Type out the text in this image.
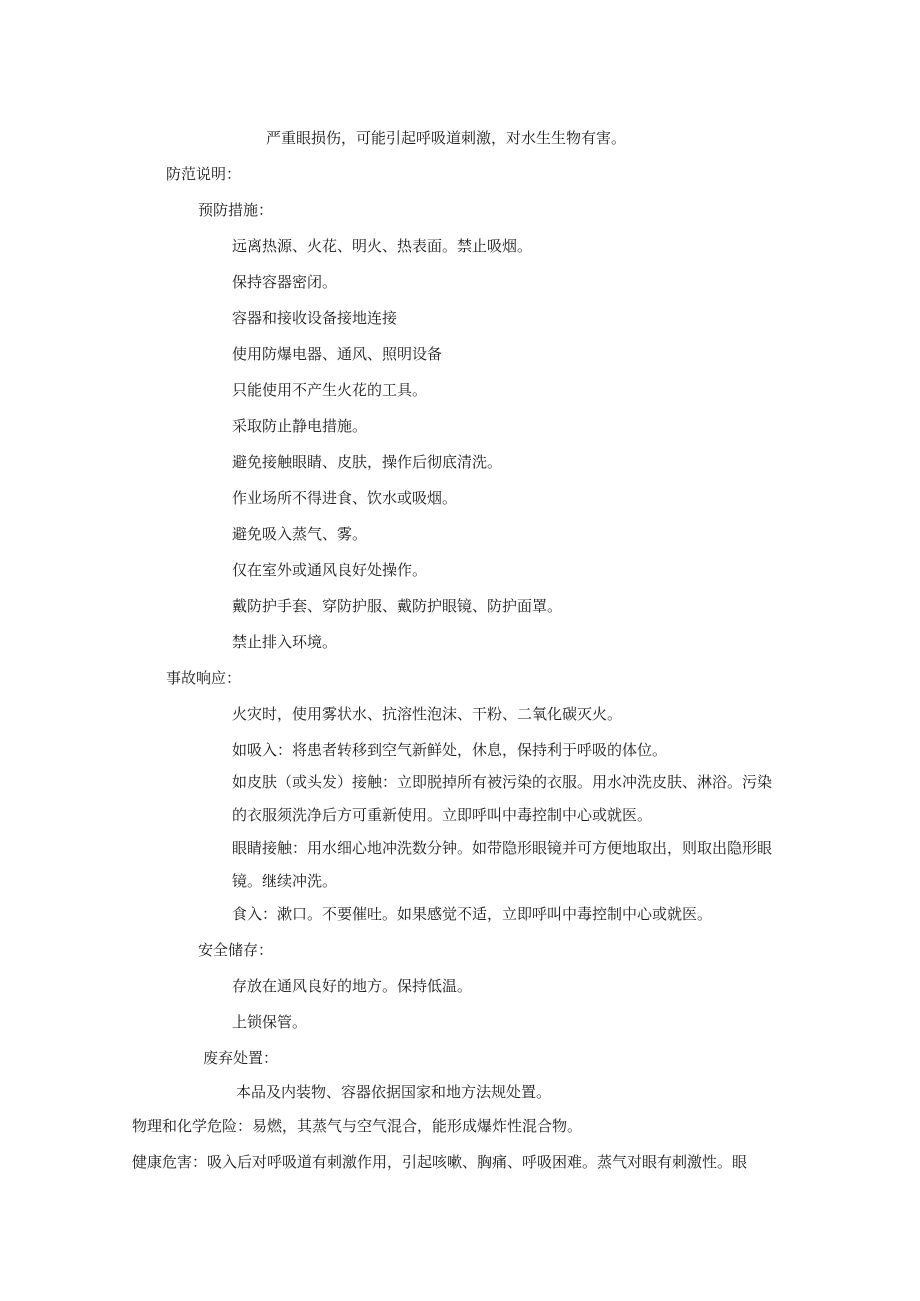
严重眼损伤，可能引起呼吸道刺激，对水生生物有害。
防范说明：
预防措施：
远离热源、火花、明火、热表面。禁止吸烟。
保持容器密闭。
容器和接收设备接地连接
使用防爆电器、通风、照明设备
只能使用不产生火花的工具。
采取防止静电措施。
避免接触眼睛、皮肤，操作后彻底清洗。
作业场所不得进食、饮水或吸烟。
避免吸入蒸气、雾。
仅在室外或通风良好处操作。
戴防护手套、穿防护服、戴防护眼镜、防护面罩。
禁止排入环境。
事故响应：
火灾时，使用雾状水、抗溶性泡沫、干粉、二氧化碳灭火。
如吸入：将患者转移到空气新鲜处，休息，保持利于呼吸的体位。
如皮肤（或头发）接触：立即脱掉所有被污染的衣服。用水冲洗皮肤、淋浴。污染的衣服须洗净后方可重新使用。立即呼叫中毒控制中心或就医。
眼睛接触：用水细心地冲洗数分钟。如带隐形眼镜并可方便地取出，则取出隐形眼镜。继续冲洗。
食入：漱口。不要催吐。如果感觉不适，立即呼叫中毒控制中心或就医。
安全储存：
存放在通风良好的地方。保持低温。
上锁保管。
废弃处置：
本品及内装物、容器依据国家和地方法规处置。
物理和化学危险：易燃，其蒸气与空气混合，能形成爆炸性混合物。
健康危害：吸入后对呼吸道有刺激作用，引起咳嗽、胸痛、呼吸困难。蒸气对眼有刺激性。眼
